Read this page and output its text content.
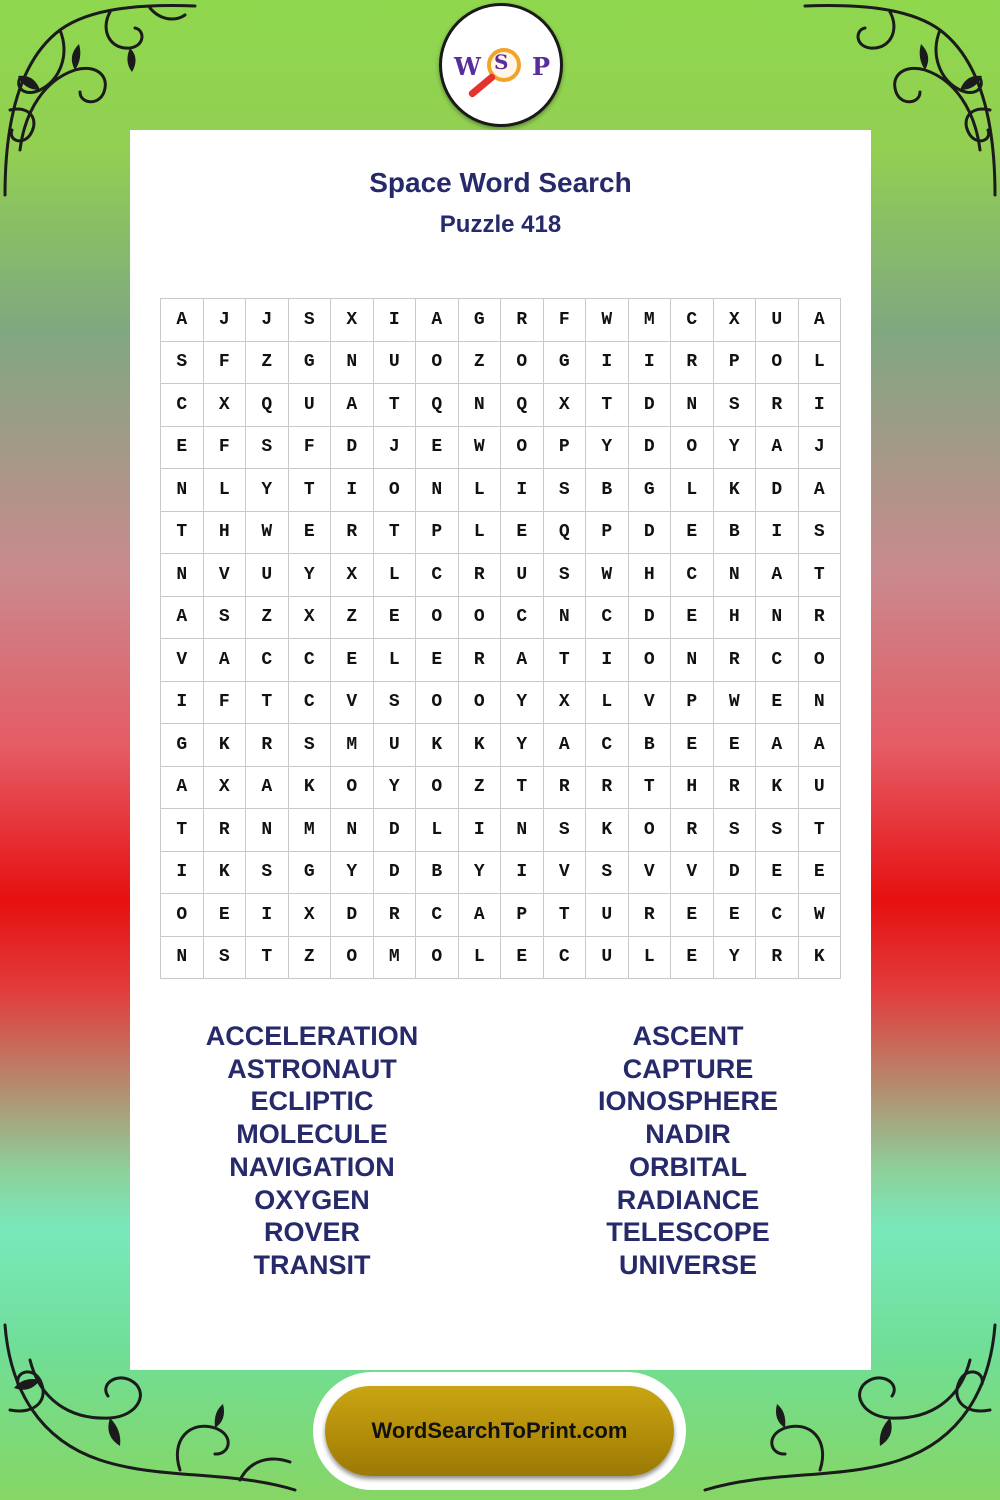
W S P
Space Word Search
Puzzle 418
A	J	J	S	X	I	A	G	R	F	W	M	C	X	U	A
S	F	Z	G	N	U	O	Z	O	G	I	I	R	P	O	L
C	X	Q	U	A	T	Q	N	Q	X	T	D	N	S	R	I
E	F	S	F	D	J	E	W	O	P	Y	D	O	Y	A	J
N	L	Y	T	I	O	N	L	I	S	B	G	L	K	D	A
T	H	W	E	R	T	P	L	E	Q	P	D	E	B	I	S
N	V	U	Y	X	L	C	R	U	S	W	H	C	N	A	T
A	S	Z	X	Z	E	O	O	C	N	C	D	E	H	N	R
V	A	C	C	E	L	E	R	A	T	I	O	N	R	C	O
I	F	T	C	V	S	O	O	Y	X	L	V	P	W	E	N
G	K	R	S	M	U	K	K	Y	A	C	B	E	E	A	A
A	X	A	K	O	Y	O	Z	T	R	R	T	H	R	K	U
T	R	N	M	N	D	L	I	N	S	K	O	R	S	S	T
I	K	S	G	Y	D	B	Y	I	V	S	V	V	D	E	E
O	E	I	X	D	R	C	A	P	T	U	R	E	E	C	W
N	S	T	Z	O	M	O	L	E	C	U	L	E	Y	R	K
ACCELERATION
ASTRONAUT
ECLIPTIC
MOLECULE
NAVIGATION
OXYGEN
ROVER
TRANSIT
ASCENT
CAPTURE
IONOSPHERE
NADIR
ORBITAL
RADIANCE
TELESCOPE
UNIVERSE
WordSearchToPrint.com
